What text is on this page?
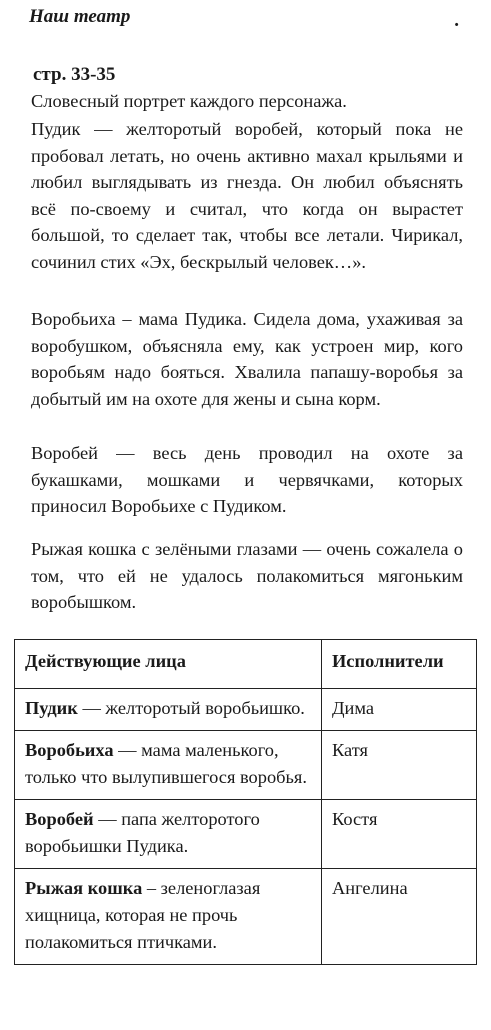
Наш театр	.
стр. 33-35

Словесный портрет каждого персонажа.

Пудик — желторотый воробей, который пока не пробовал летать, но очень активно махал крыльями и любил выглядывать из гнезда. Он любил объяснять всё по-своему и считал, что когда он вырастет большой, то сделает так, чтобы все летали. Чирикал, сочинил стих «Эх, бескрылый человек…».

Воробьиха – мама Пудика. Сидела дома, ухаживая за воробушком, объясняла ему, как устроен мир, кого воробьям надо бояться. Хвалила папашу-воробья за добытый им на охоте для жены и сына корм.

Воробей — весь день проводил на охоте за букашками, мошками и червячками, которых приносил Воробьихе с Пудиком.

Рыжая кошка с зелёными глазами — очень сожалела о том, что ей не удалось полакомиться мягоньким воробышком.

Действующие лица	Исполнители
Пудик — желторотый воробьишко.	Дима
Воробьиха — мама маленького, только что вылупившегося воробья.	Катя
Воробей — папа желторотого воробьишки Пудика.	Костя
Рыжая кошка – зеленоглазая хищница, которая не прочь полакомиться птичками.	Ангелина
